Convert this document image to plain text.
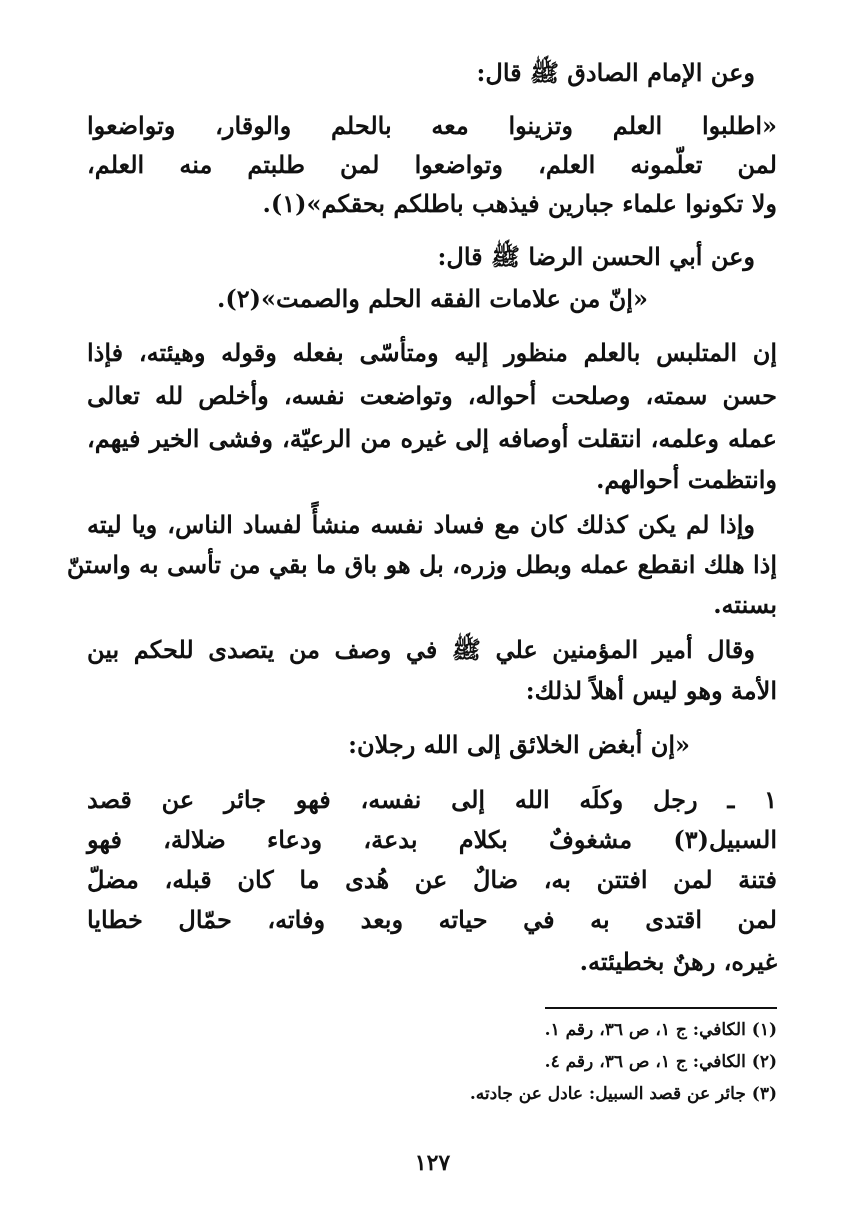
وعن الإمام الصادق ﷺ قال:
«اطلبوا العلم وتزينوا معه بالحلم والوقار، وتواضعوا
لمن تعلّمونه العلم، وتواضعوا لمن طلبتم منه العلم،
ولا تكونوا علماء جبارين فيذهب باطلكم بحقكم»(١).
وعن أبي الحسن الرضا ﷺ قال:
«إنّ من علامات الفقه الحلم والصمت»(٢).
إن المتلبس بالعلم منظور إليه ومتأسّى بفعله وقوله وهيئته، فإذا
حسن سمته، وصلحت أحواله، وتواضعت نفسه، وأخلص لله تعالى
عمله وعلمه، انتقلت أوصافه إلى غيره من الرعيّة، وفشى الخير فيهم،
وانتظمت أحوالهم.
وإذا لم يكن كذلك كان مع فساد نفسه منشأً لفساد الناس، ويا ليته
إذا هلك انقطع عمله وبطل وزره، بل هو باق ما بقي من تأسى به واستنّ
بسنته.
وقال أمير المؤمنين علي ﷺ في وصف من يتصدى للحكم بين
الأمة وهو ليس أهلاً لذلك:
«إن أبغض الخلائق إلى الله رجلان:
١ ـ رجل وكلَه الله إلى نفسه، فهو جائر عن قصد
السبيل(٣) مشغوفٌ بكلام بدعة، ودعاء ضلالة، فهو
فتنة لمن افتتن به، ضالٌ عن هُدى ما كان قبله، مضلّ
لمن اقتدى به في حياته وبعد وفاته، حمّال خطايا
غيره، رهنٌ بخطيئته.
(١) الكافي: ج ١، ص ٣٦، رقم ١.
(٢) الكافي: ج ١، ص ٣٦، رقم ٤.
(٣) جائر عن قصد السبيل: عادل عن جادته.
١٢٧
